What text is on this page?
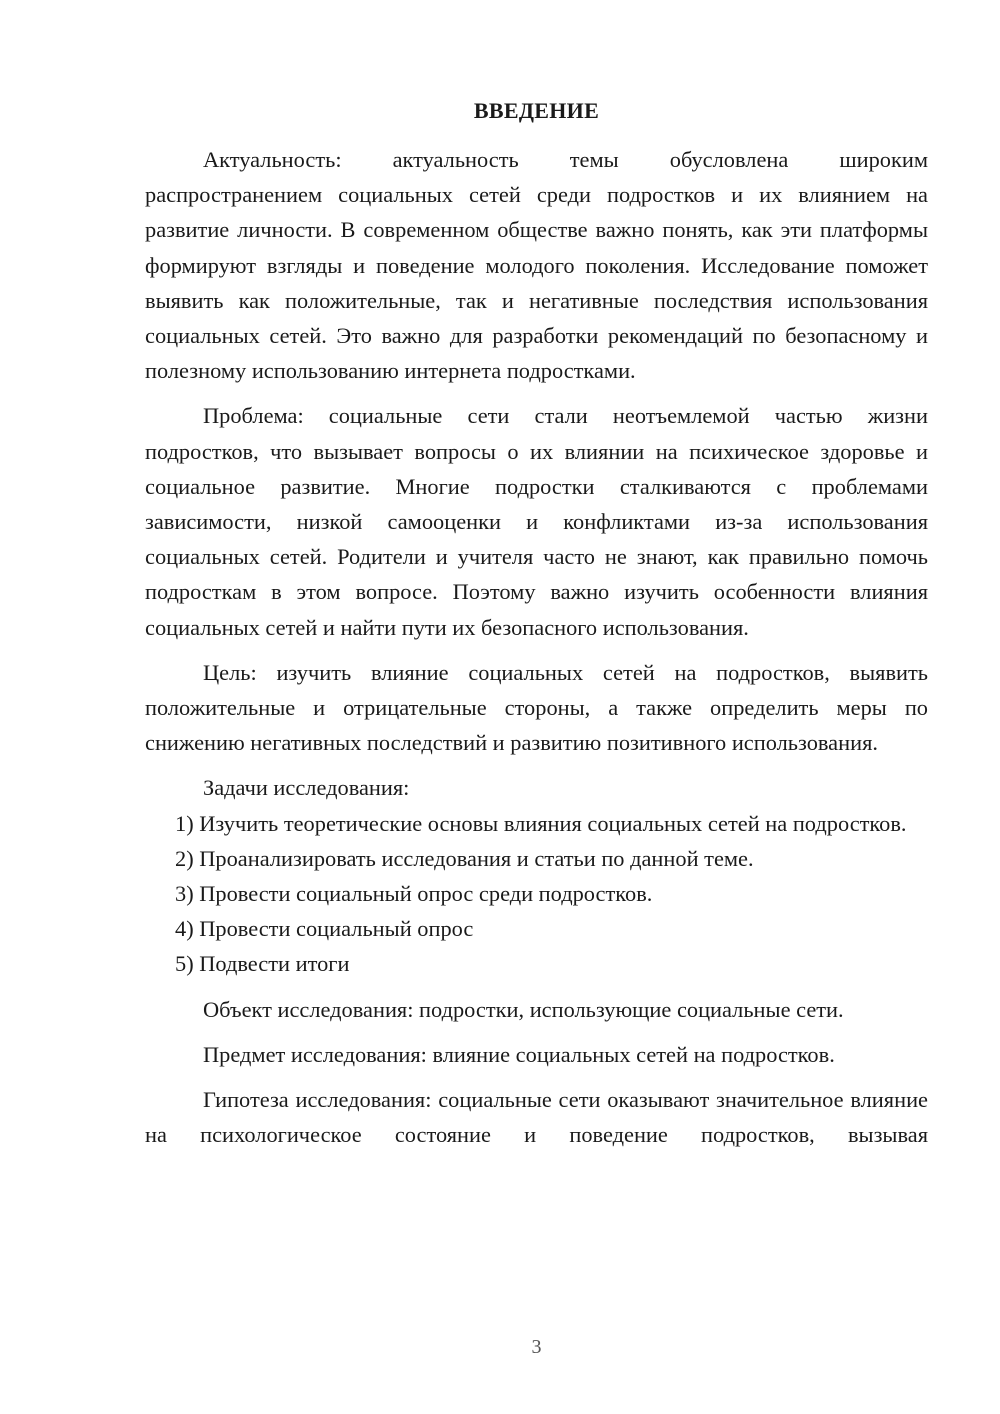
ВВЕДЕНИЕ

Актуальность: актуальность темы обусловлена широким распространением социальных сетей среди подростков и их влиянием на развитие личности. В современном обществе важно понять, как эти платформы формируют взгляды и поведение молодого поколения. Исследование поможет выявить как положительные, так и негативные последствия использования социальных сетей. Это важно для разработки рекомендаций по безопасному и полезному использованию интернета подростками.

Проблема: социальные сети стали неотъемлемой частью жизни подростков, что вызывает вопросы о их влиянии на психическое здоровье и социальное развитие. Многие подростки сталкиваются с проблемами зависимости, низкой самооценки и конфликтами из-за использования социальных сетей. Родители и учителя часто не знают, как правильно помочь подросткам в этом вопросе. Поэтому важно изучить особенности влияния социальных сетей и найти пути их безопасного использования.

Цель: изучить влияние социальных сетей на подростков, выявить положительные и отрицательные стороны, а также определить меры по снижению негативных последствий и развитию позитивного использования.

Задачи исследования:

1) Изучить теоретические основы влияния социальных сетей на подростков.

2) Проанализировать исследования и статьи по данной теме.

3) Провести социальный опрос среди подростков.

4) Провести социальный опрос

5) Подвести итоги

Объект исследования: подростки, использующие социальные сети.

Предмет исследования: влияние социальных сетей на подростков.

Гипотеза исследования: социальные сети оказывают значительное влияние на психологическое состояние и поведение подростков, вызывая

3
